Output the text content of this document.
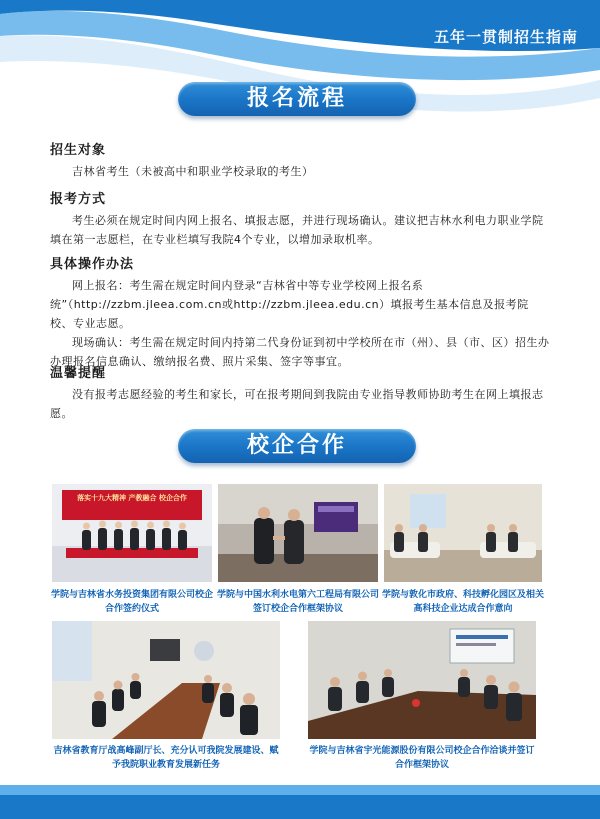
五年一贯制招生指南
报名流程

招生对象

吉林省考生（未被高中和职业学校录取的考生）

报考方式

考生必须在规定时间内网上报名、填报志愿，并进行现场确认。建议把吉林水利电力职业学院填在第一志愿栏，在专业栏填写我院4个专业，以增加录取机率。

具体操作办法

网上报名：考生需在规定时间内登录“吉林省中等专业学校网上报名系统”（http://zzbm.jleea.com.cn或http://zzbm.jleea.edu.cn）填报考生基本信息及报考院校、专业志愿。

现场确认：考生需在规定时间内持第二代身份证到初中学校所在市（州）、县（市、区）招生办办理报名信息确认、缴纳报名费、照片采集、签字等事宜。

温馨提醒

没有报考志愿经验的考生和家长，可在报考期间到我院由专业指导教师协助考生在网上填报志愿。

校企合作
落实十九大精神 产教融合 校企合作
学院与吉林省水务投资集团有限公司校企合作签约仪式
学院与中国水利水电第六工程局有限公司签订校企合作框架协议
学院与敦化市政府、科技孵化园区及相关高科技企业达成合作意向
吉林省教育厅战高峰副厅长、充分认可我院发展建设、赋予我院职业教育发展新任务
学院与吉林省宇光能源股份有限公司校企合作洽谈并签订合作框架协议
